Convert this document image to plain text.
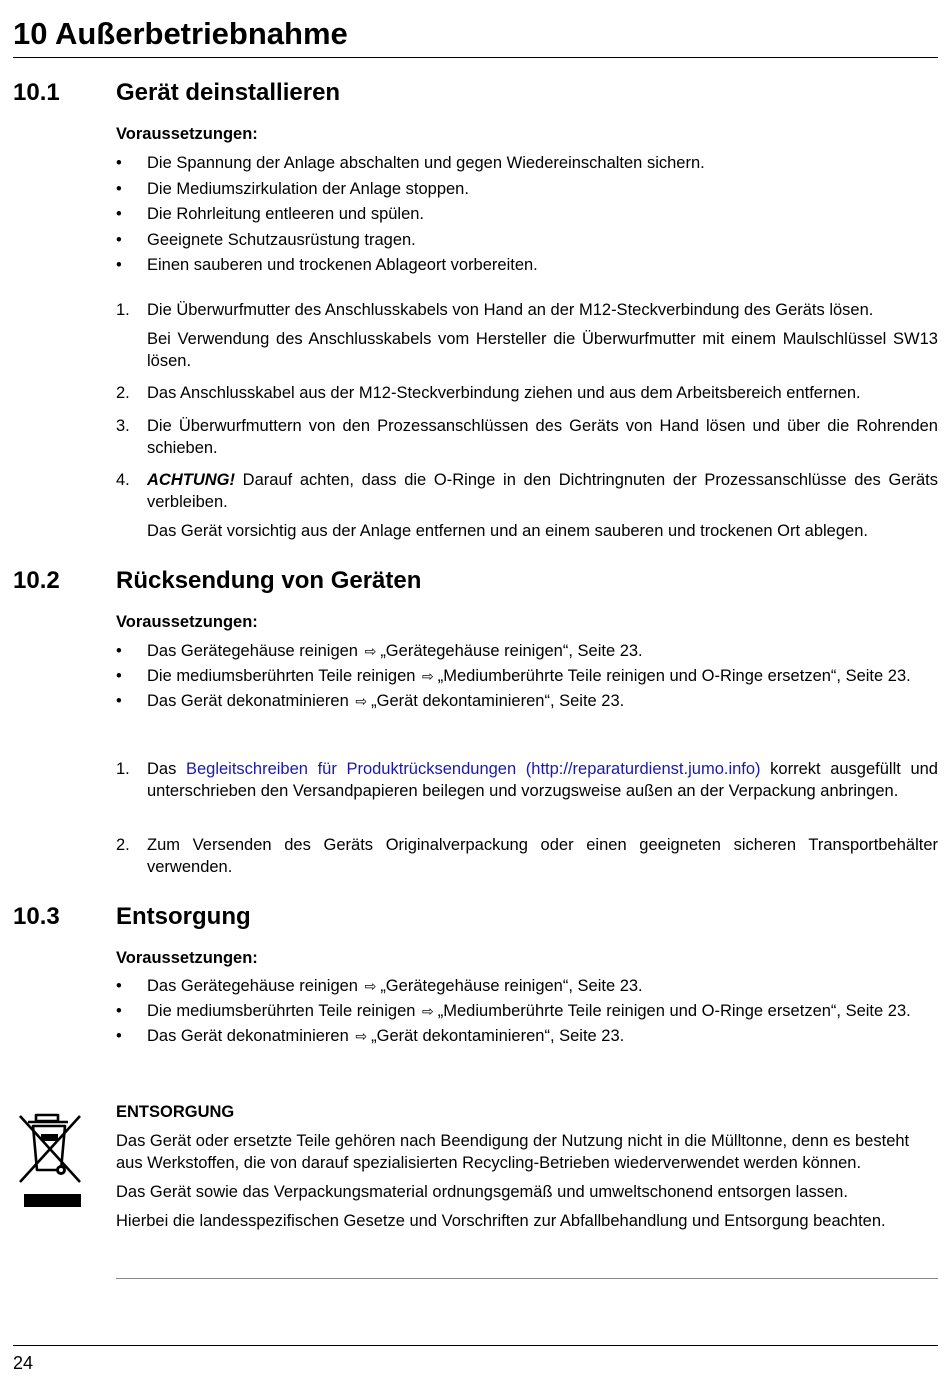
10 Außerbetriebnahme
10.1 Gerät deinstallieren
Voraussetzungen:
• Die Spannung der Anlage abschalten und gegen Wiedereinschalten sichern.
• Die Mediumszirkulation der Anlage stoppen.
• Die Rohrleitung entleeren und spülen.
• Geeignete Schutzausrüstung tragen.
• Einen sauberen und trockenen Ablageort vorbereiten.
1. Die Überwurfmutter des Anschlusskabels von Hand an der M12-Steckverbindung des Geräts lösen.

Bei Verwendung des Anschlusskabels vom Hersteller die Überwurfmutter mit einem Maulschlüssel SW13 lösen.

2. Das Anschlusskabel aus der M12-Steckverbindung ziehen und aus dem Arbeitsbereich entfernen.

3. Die Überwurfmuttern von den Prozessanschlüssen des Geräts von Hand lösen und über die Rohrenden schieben.

4. ACHTUNG! Darauf achten, dass die O-Ringe in den Dichtringnuten der Prozessanschlüsse des Geräts verbleiben.

Das Gerät vorsichtig aus der Anlage entfernen und an einem sauberen und trockenen Ort ablegen.

10.2 Rücksendung von Geräten
Voraussetzungen:
• Das Gerätegehäuse reinigen ⇨ „Gerätegehäuse reinigen“, Seite 23.

• Die mediumsberührten Teile reinigen ⇨ „Mediumberührte Teile reinigen und O-Ringe ersetzen“, Seite 23.

• Das Gerät dekonatminieren ⇨ „Gerät dekontaminieren“, Seite 23.

1. Das Begleitschreiben für Produktrücksendungen (http://reparaturdienst.jumo.info) korrekt ausgefüllt und unterschrieben den Versandpapieren beilegen und vorzugsweise außen an der Verpackung anbringen.

2. Zum Versenden des Geräts Originalverpackung oder einen geeigneten sicheren Transportbehälter verwenden.

10.3 Entsorgung
Voraussetzungen:
• Das Gerätegehäuse reinigen ⇨ „Gerätegehäuse reinigen“, Seite 23.

• Die mediumsberührten Teile reinigen ⇨ „Mediumberührte Teile reinigen und O-Ringe ersetzen“, Seite 23.

• Das Gerät dekonatminieren ⇨ „Gerät dekontaminieren“, Seite 23.

ENTSORGUNG

Das Gerät oder ersetzte Teile gehören nach Beendigung der Nutzung nicht in die Mülltonne, denn es besteht aus Werkstoffen, die von darauf spezialisierten Recycling-Betrieben wiederverwendet werden können.

Das Gerät sowie das Verpackungsmaterial ordnungsgemäß und umweltschonend entsorgen lassen.

Hierbei die landesspezifischen Gesetze und Vorschriften zur Abfallbehandlung und Entsorgung beachten.

24
